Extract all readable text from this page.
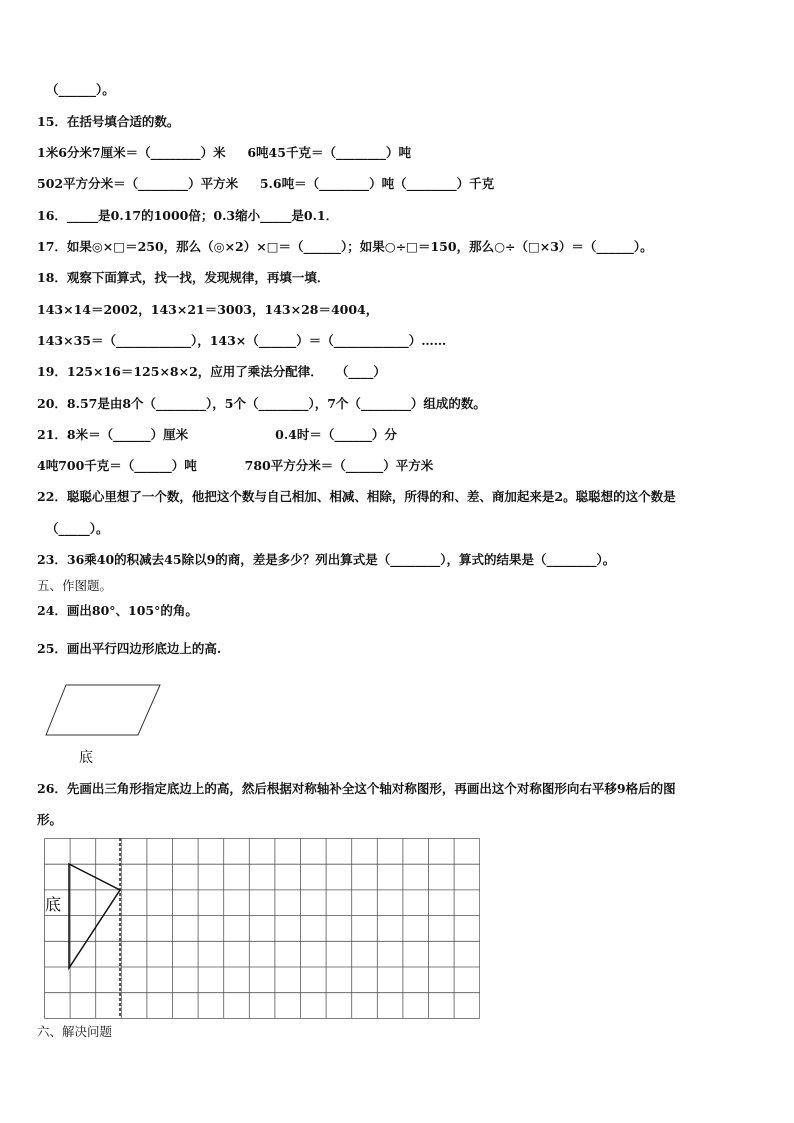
（______）。
15．在括号填合适的数。
1米6分米7厘米＝（________）米     6吨45千克＝（________）吨
502平方分米＝（________）平方米     5.6吨＝（________）吨（________）千克
16．_____是0.17的1000倍；0.3缩小_____是0.1．
17．如果◎×□＝250，那么（◎×2）×□＝（______）；如果○÷□＝150，那么○÷（□×3）＝（______）。
18．观察下面算式，找一找，发现规律，再填一填．
143×14＝2002，143×21＝3003，143×28＝4004，
143×35＝（____________），143×（______）＝（____________）……
19．125×16＝125×8×2，应用了乘法分配律．   （____）
20．8.57是由8个（________），5个（________），7个（________）组成的数。
21．8米＝（______）厘米                    0.4时＝（______）分
4吨700千克＝（______）吨           780平方分米＝（______）平方米
22．聪聪心里想了一个数，他把这个数与自己相加、相减、相除，所得的和、差、商加起来是2。聪聪想的这个数是
（_____）。
23．36乘40的积减去45除以9的商，差是多少？列出算式是（________），算式的结果是（________）。
五、作图题。
24．画出80°、105°的角。
25．画出平行四边形底边上的高.
底
26．先画出三角形指定底边上的高，然后根据对称轴补全这个轴对称图形，再画出这个对称图形向右平移9格后的图
形。
底
六、解决问题
